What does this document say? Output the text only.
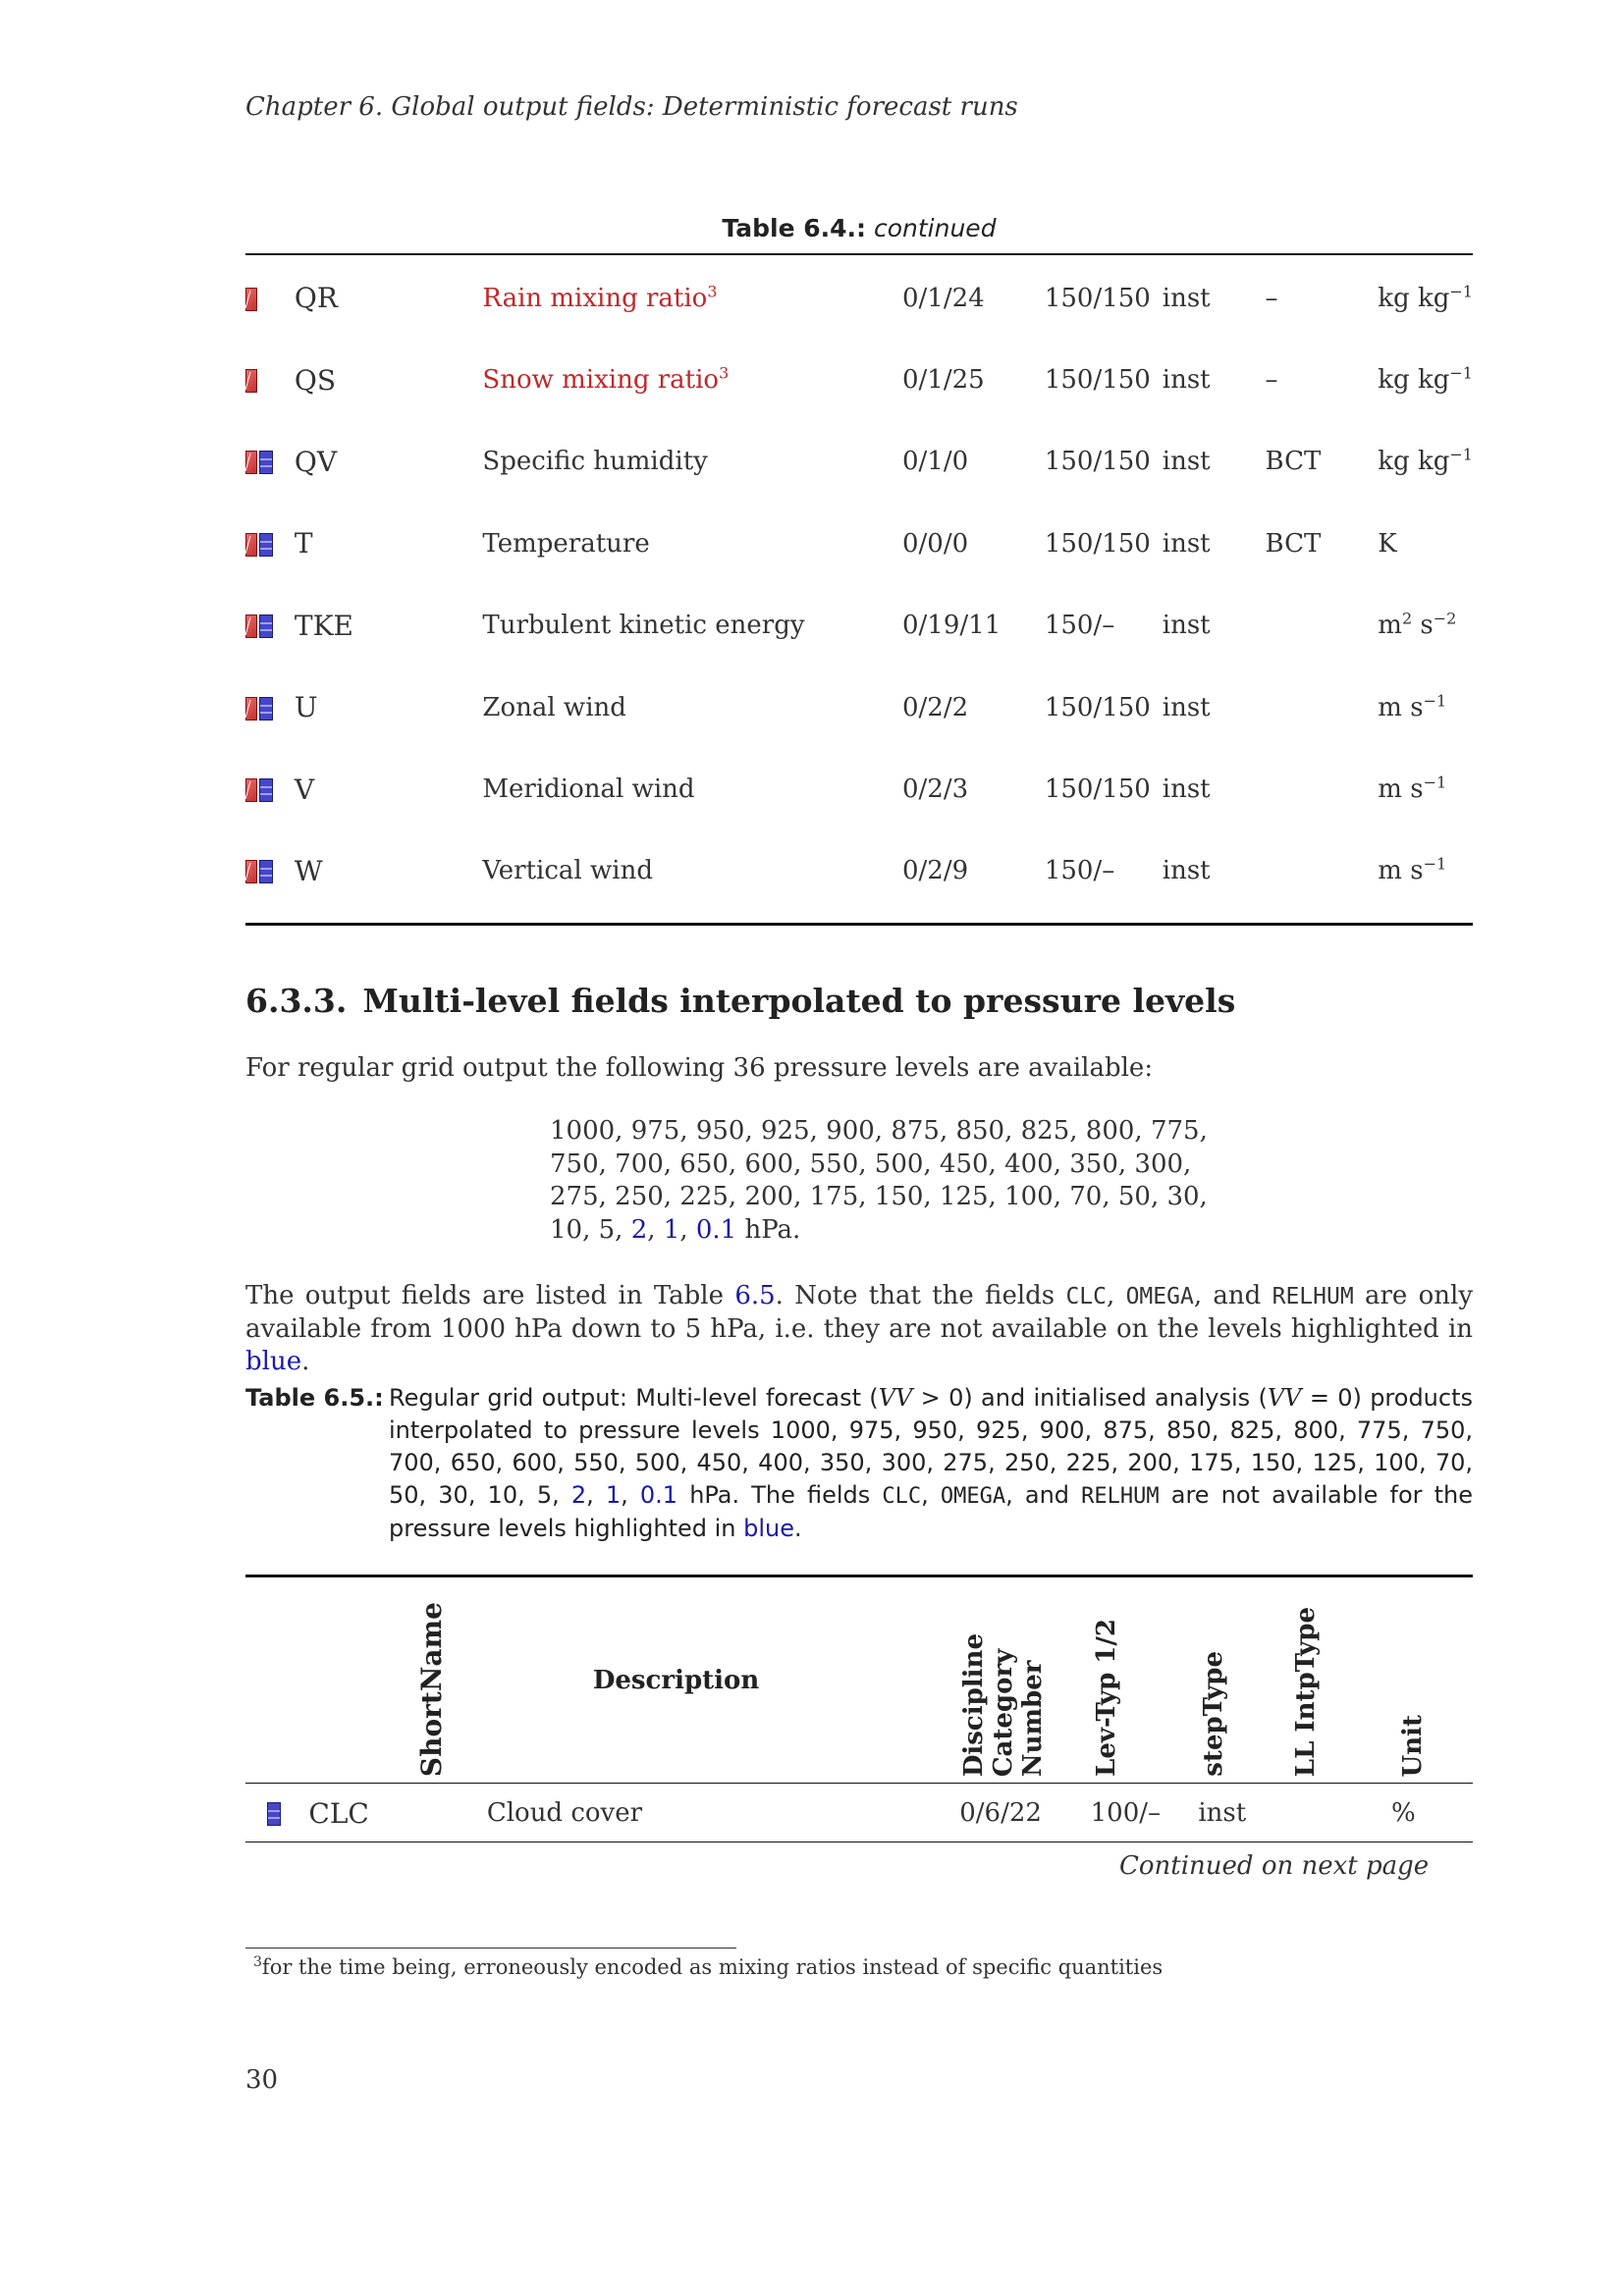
Chapter 6. Global output fields: Deterministic forecast runs
Table 6.4.: continued
	QR	Rain mixing ratio$^3$	0/1/24	150/150	inst	–	kg $kg^{-1}$

	QS	Snow mixing ratio$^3$	0/1/25	150/150	inst	–	kg $kg^{-1}$

	QV	Specific humidity	0/1/0	150/150	inst	BCT	kg $kg^{-1}$

	T	Temperature	0/0/0	150/150	inst	BCT	K

	TKE	Turbulent kinetic energy	0/19/11	150/–	inst		$m^2$ $s^{-2}$

	U	Zonal wind	0/2/2	150/150	inst		m $s^{-1}$

	V	Meridional wind	0/2/3	150/150	inst		m $s^{-1}$

	W	Vertical wind	0/2/9	150/–	inst		m $s^{-1}$
6.3.3. Multi-level fields interpolated to pressure levels
For regular grid output the following 36 pressure levels are available:
1000, 975, 950, 925, 900, 875, 850, 825, 800, 775,
750, 700, 650, 600, 550, 500, 450, 400, 350, 300,
275, 250, 225, 200, 175, 150, 125, 100, 70, 50, 30,
10, 5, 2, 1, 0.1 hPa.
The output fields are listed in Table 6.5. Note that the fields CLC, OMEGA, and RELHUM are only available from 1000 hPa down to 5 hPa, i.e. they are not available on the levels highlighted in blue.
Table 6.5.: Regular grid output: Multi-level forecast (VV > 0) and initialised analysis (VV = 0) products interpolated to pressure levels 1000, 975, 950, 925, 900, 875, 850, 825, 800, 775, 750, 700, 650, 600, 550, 500, 450, 400, 350, 300, 275, 250, 225, 200, 175, 150, 125, 100, 70, 50, 30, 10, 5, 2, 1, 0.1 hPa. The fields CLC, OMEGA, and RELHUM are not available for the pressure levels highlighted in blue.
	ShortName	Description	Discipline
Category
Number	Lev-Typ 1/2	stepType	LL IntpType	Unit

	CLC	Cloud cover	0/6/22	100/–	inst		%
Continued on next page
$^3$for the time being, erroneously encoded as mixing ratios instead of specific quantities
30
